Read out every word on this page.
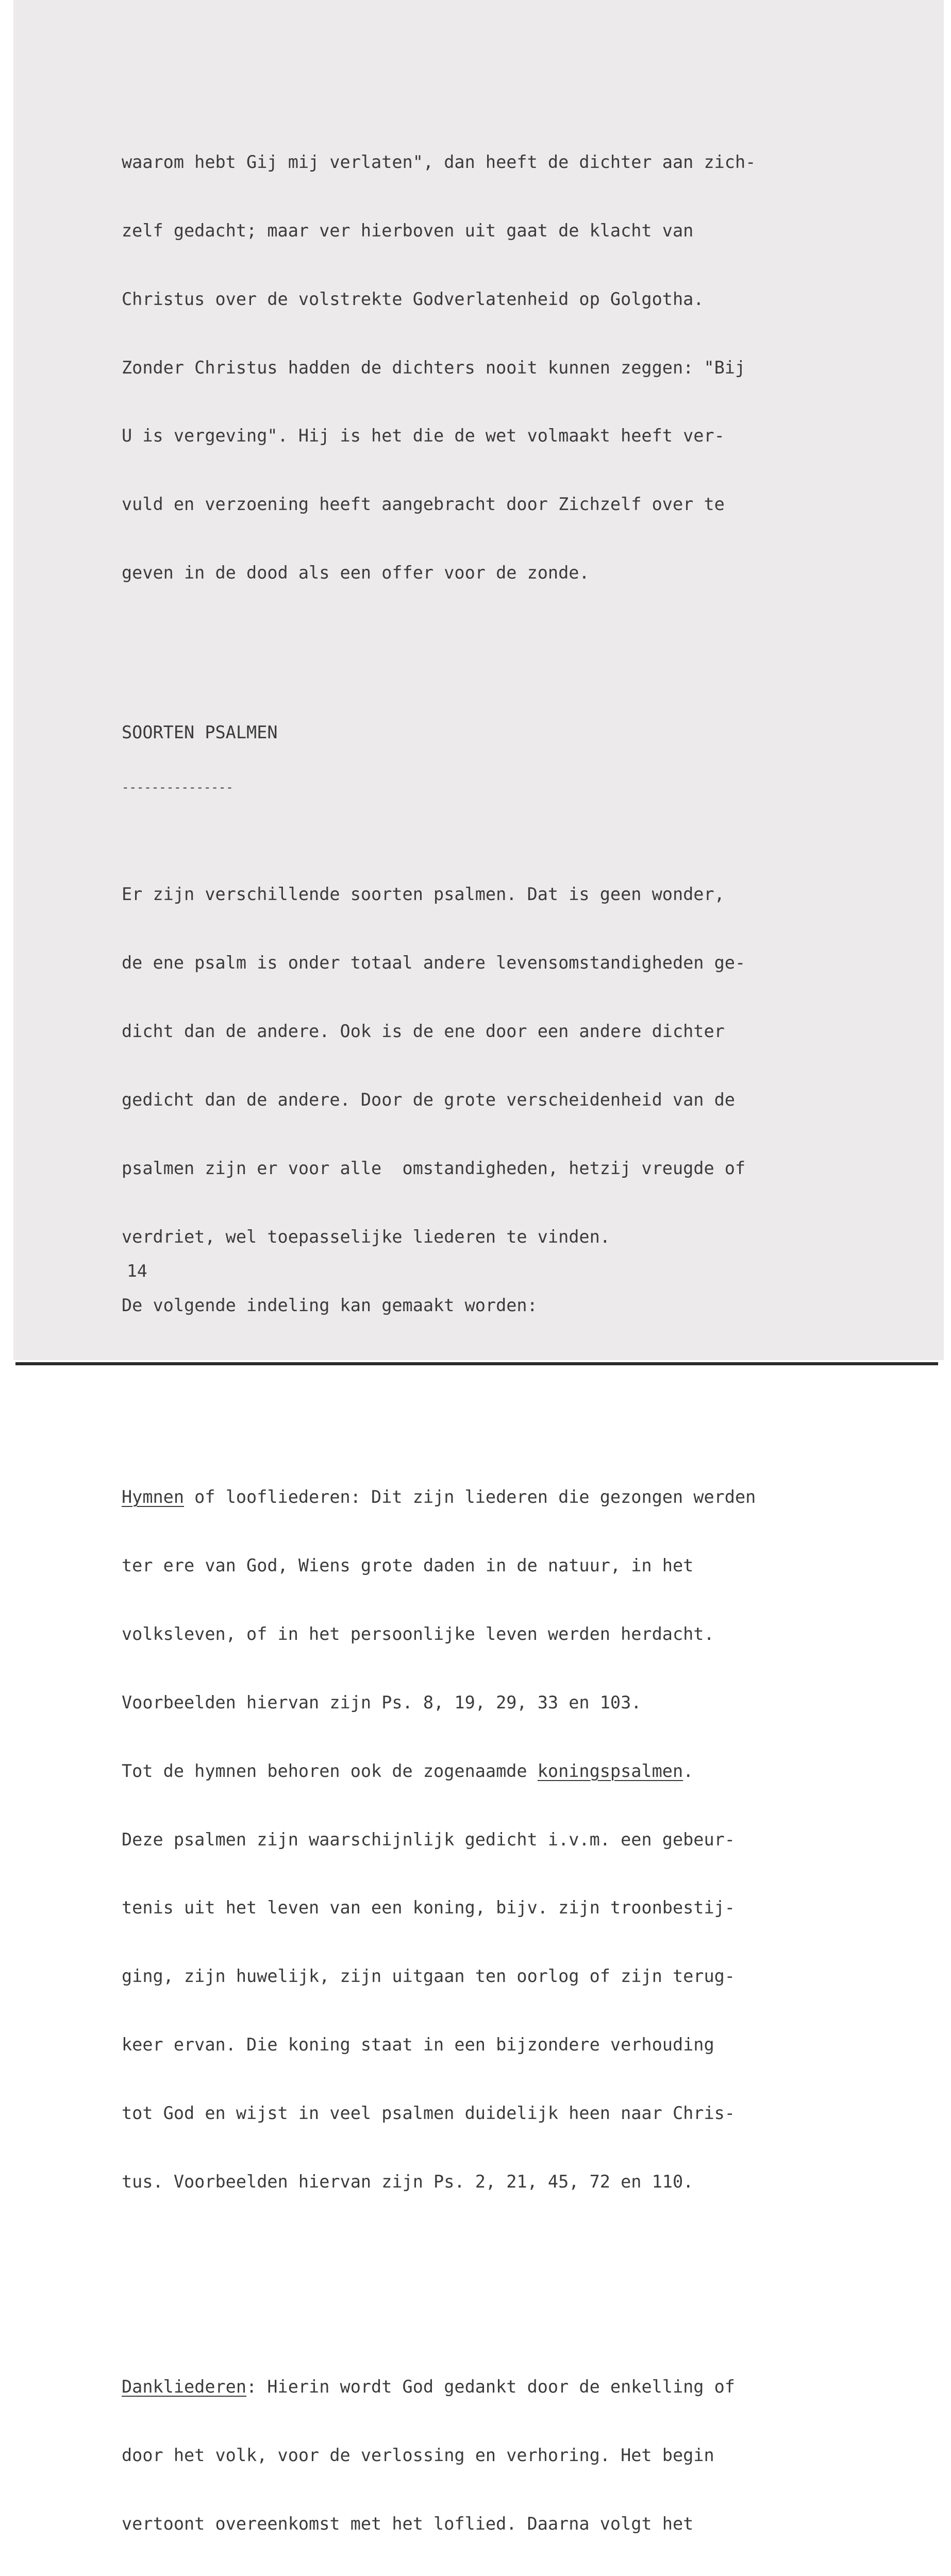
waarom hebt Gij mij verlaten", dan heeft de dichter aan zich-

zelf gedacht; maar ver hierboven uit gaat de klacht van

Christus over de volstrekte Godverlatenheid op Golgotha.

Zonder Christus hadden de dichters nooit kunnen zeggen: "Bij

U is vergeving". Hij is het die de wet volmaakt heeft ver-

vuld en verzoening heeft aangebracht door Zichzelf over te

geven in de dood als een offer voor de zonde.

SOORTEN PSALMEN

---------------

Er zijn verschillende soorten psalmen. Dat is geen wonder,

de ene psalm is onder totaal andere levensomstandigheden ge-

dicht dan de andere. Ook is de ene door een andere dichter

gedicht dan de andere. Door de grote verscheidenheid van de

psalmen zijn er voor alle  omstandigheden, hetzij vreugde of

verdriet, wel toepasselijke liederen te vinden.

De volgende indeling kan gemaakt worden:

Hymnen of loofliederen: Dit zijn liederen die gezongen werden

ter ere van God, Wiens grote daden in de natuur, in het

volksleven, of in het persoonlijke leven werden herdacht.

Voorbeelden hiervan zijn Ps. 8, 19, 29, 33 en 103.

Tot de hymnen behoren ook de zogenaamde koningspsalmen.

Deze psalmen zijn waarschijnlijk gedicht i.v.m. een gebeur-

tenis uit het leven van een koning, bijv. zijn troonbestij-

ging, zijn huwelijk, zijn uitgaan ten oorlog of zijn terug-

keer ervan. Die koning staat in een bijzondere verhouding

tot God en wijst in veel psalmen duidelijk heen naar Chris-

tus. Voorbeelden hiervan zijn Ps. 2, 21, 45, 72 en 110.

Dankliederen: Hierin wordt God gedankt door de enkelling of

door het volk, voor de verlossing en verhoring. Het begin

vertoont overeenkomst met het loflied. Daarna volgt het

14
